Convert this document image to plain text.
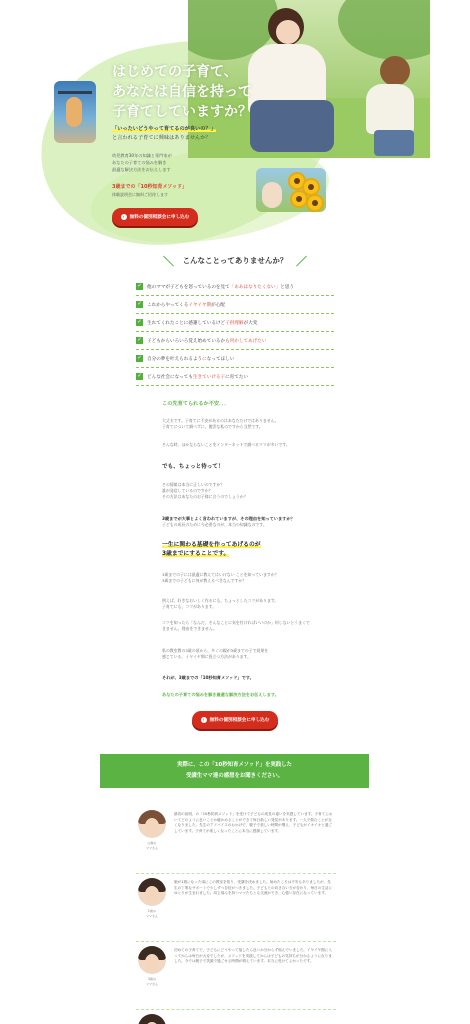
はじめての子育て、
あなたは自信を持って
子育てしていますか？
「いったいどうやって育てるのが良いの？」
と言われる子育てに興味はありませんか？
幼児教育30年の知識と専門家が
あなたの子育ての悩みを解き
最適な解決方法をお伝えします
3歳までの「10秒知育メソッド」
体験説明会に無料ご招待します
›	無料の個別相談会に申し込む
＼	こんなことってありませんか？ ／
✓ 他のママが子どもを怒っているのを見て「ああはなりたくない」と思う
✓ これからやってくるイヤイヤ期が心配
✓ 生れてくれたことに感謝しているけど子供理解が大変
✓ 子どもからいろいろ覚え始めているから何かしてあげたい
✓ 自分の夢を叶えられるようになってほしい
✓ どんな社会になっても生きていける子に育てたい
この先育てられるか不安．．．
大丈夫です。子育てに不安があるのはあなただけではありません。
子育てについて調べずに，闇雲な私のですから当然です。
そんな時、ほかならないことをインターネットで調べるママが多いです。
でも、ちょっと待って！
その情報は本当に正しいのですか？
誰が発信しているのですか？
その方法はあなたのお子様に合うのでしょうか？
3歳までが大事とよく言われていますが、その理由を知っていますか？
子どもの成長のために今必要なのが、本当の知識なのです。
一生に関わる基礎を作ってあげるのが
3歳までにすることです。
3歳までの子には最適に教えてはいけない ことを知っていますか？
3歳までの子どもに何が教えるべきなんですか？
例えば、好きなおいしく作るにも、ちょっとしたコツがあります。
子育てにも、コツがあります。
コツを知ったら「なんだ、そんなことに気を付ければいいのか」何しないとうまくできません。理由をできません。
私の教室教の3歳の頃から、多くの親が3歳までの子で効果を
感じている、イヤイヤ期に役立つ方法があります。
それが、3歳までの「10秒知育メソッド」です。
あなたの子育ての悩みを解き最適な解決方法をお伝えします。
›	無料の個別相談会に申し込む
実際に、この「10秒知育メソッド」を実践した
受講生ママ達の感想をお聞きください。
○歳の
ママさん
最初の説明、の「10秒知育メソッド」を受けて子どもの成長の違いを実感しています。子育てにおいてどのように良いことか確かめることができて毎日新しい発見があります。一人で悩むことがなくなりました。先生のアドバイスのおかげで、親子で楽しい時間が増え、子どもがイキイキと過ごしています。子育てが楽しくなったことに本当に感謝しています。
1歳の
ママさん
娘が1歳になった頃にこの教室を知り、受講を決めました。始めたころは不安もありましたが、先生の丁寧なサポートで少しずつ自信がつきました。子どもとの向き合い方が変わり、毎日の生活にゆとりが生まれました。同じ悩みを持つママたちとも交流ができ、心強い存在になっています。
3歳の
ママさん
初めての子育てで、子どもにどうやって接したら良いか分からず悩んでいました。イヤイヤ期に入ってからは毎日が大変でしたが、メソッドを実践してからは子どもの気持ちが分かるようになりました。今では親子で笑顔で過ごせる時間が増えています。本当に受けてよかったです。
